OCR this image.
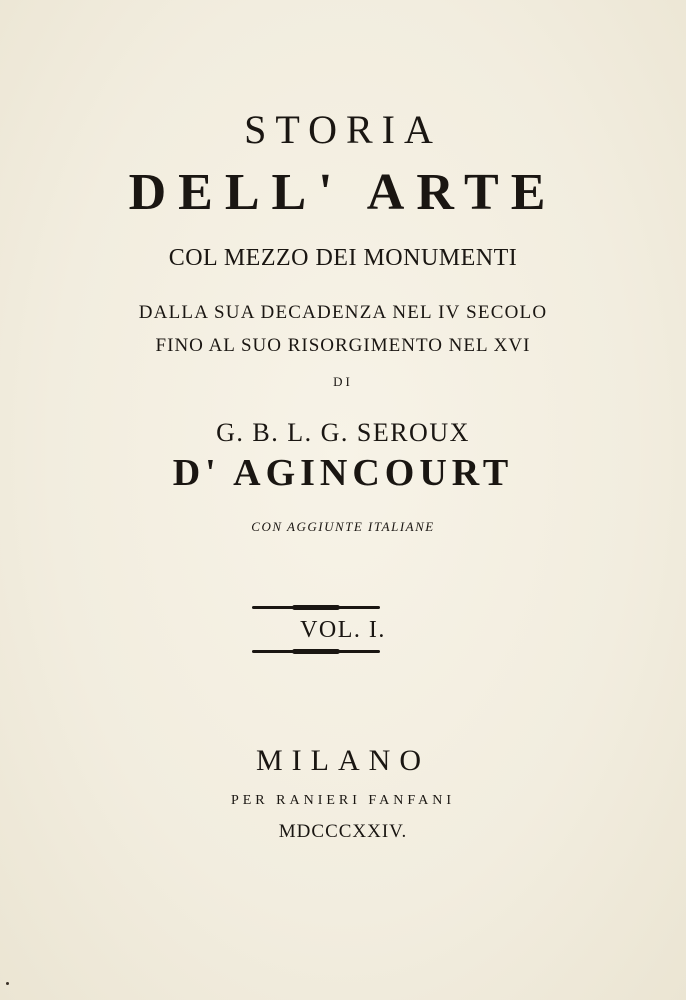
STORIA

DELL' ARTE

COL MEZZO DEI MONUMENTI

DALLA SUA DECADENZA NEL IV SECOLO

FINO AL SUO RISORGIMENTO NEL XVI

DI

G. B. L. G. SEROUX

D' AGINCOURT

CON AGGIUNTE ITALIANE

VOL. I.

MILANO

PER RANIERI FANFANI

MDCCCXXIV.
